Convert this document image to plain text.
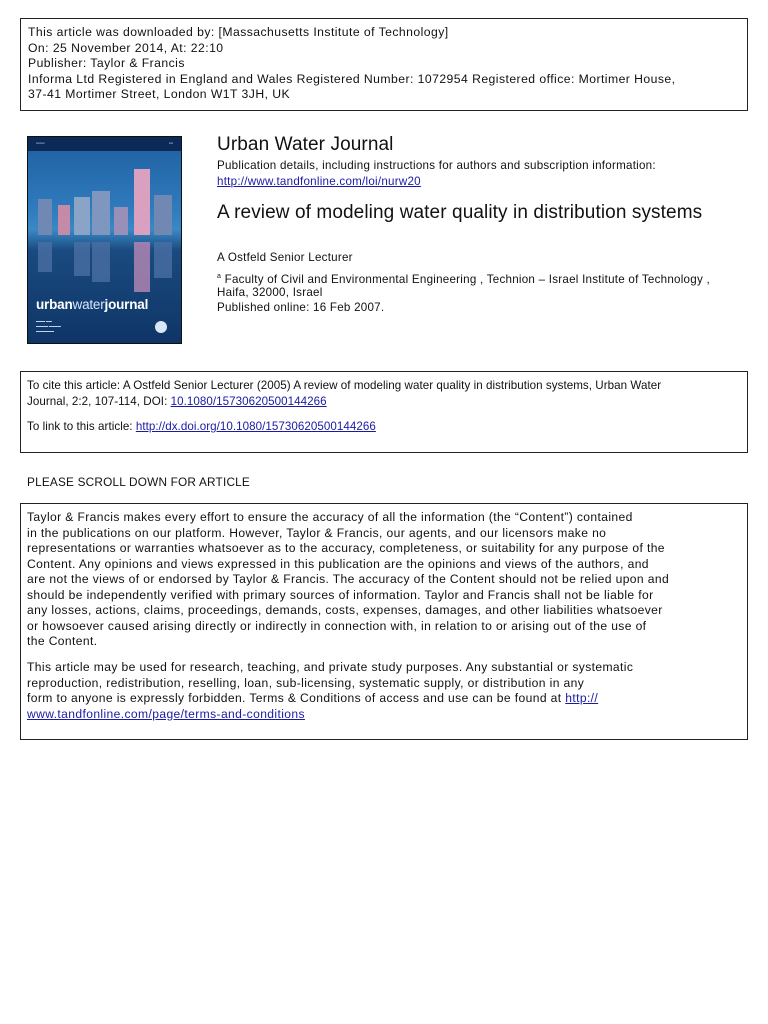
This article was downloaded by: [Massachusetts Institute of Technology]
On: 25 November 2014, At: 22:10
Publisher: Taylor & Francis
Informa Ltd Registered in England and Wales Registered Number: 1072954 Registered office: Mortimer House,
37-41 Mortimer Street, London W1T 3JH, UK
▪▪▪▪▪▪▪▪	▪▪▪▪
urbanwaterjournal
▬▬▬ ▬▬
▬▬▬▬ ▬▬▬▬
▬▬▬▬▬▬
Urban Water Journal
Publication details, including instructions for authors and subscription information:
http://www.tandfonline.com/loi/nurw20
A review of modeling water quality in distribution systems
A Ostfeld Senior Lecturer
$^a$ Faculty of Civil and Environmental Engineering , Technion – Israel Institute of Technology ,
Haifa, 32000, Israel
Published online: 16 Feb 2007.
To cite this article: A Ostfeld Senior Lecturer (2005) A review of modeling water quality in distribution systems, Urban Water
Journal, 2:2, 107-114, DOI: 10.1080/15730620500144266
To link to this article: http://dx.doi.org/10.1080/15730620500144266
PLEASE SCROLL DOWN FOR ARTICLE
Taylor & Francis makes every effort to ensure the accuracy of all the information (the “Content”) contained
in the publications on our platform. However, Taylor & Francis, our agents, and our licensors make no
representations or warranties whatsoever as to the accuracy, completeness, or suitability for any purpose of the
Content. Any opinions and views expressed in this publication are the opinions and views of the authors, and
are not the views of or endorsed by Taylor & Francis. The accuracy of the Content should not be relied upon and
should be independently verified with primary sources of information. Taylor and Francis shall not be liable for
any losses, actions, claims, proceedings, demands, costs, expenses, damages, and other liabilities whatsoever
or howsoever caused arising directly or indirectly in connection with, in relation to or arising out of the use of
the Content.
This article may be used for research, teaching, and private study purposes. Any substantial or systematic
reproduction, redistribution, reselling, loan, sub-licensing, systematic supply, or distribution in any
form to anyone is expressly forbidden. Terms & Conditions of access and use can be found at http://
www.tandfonline.com/page/terms-and-conditions
